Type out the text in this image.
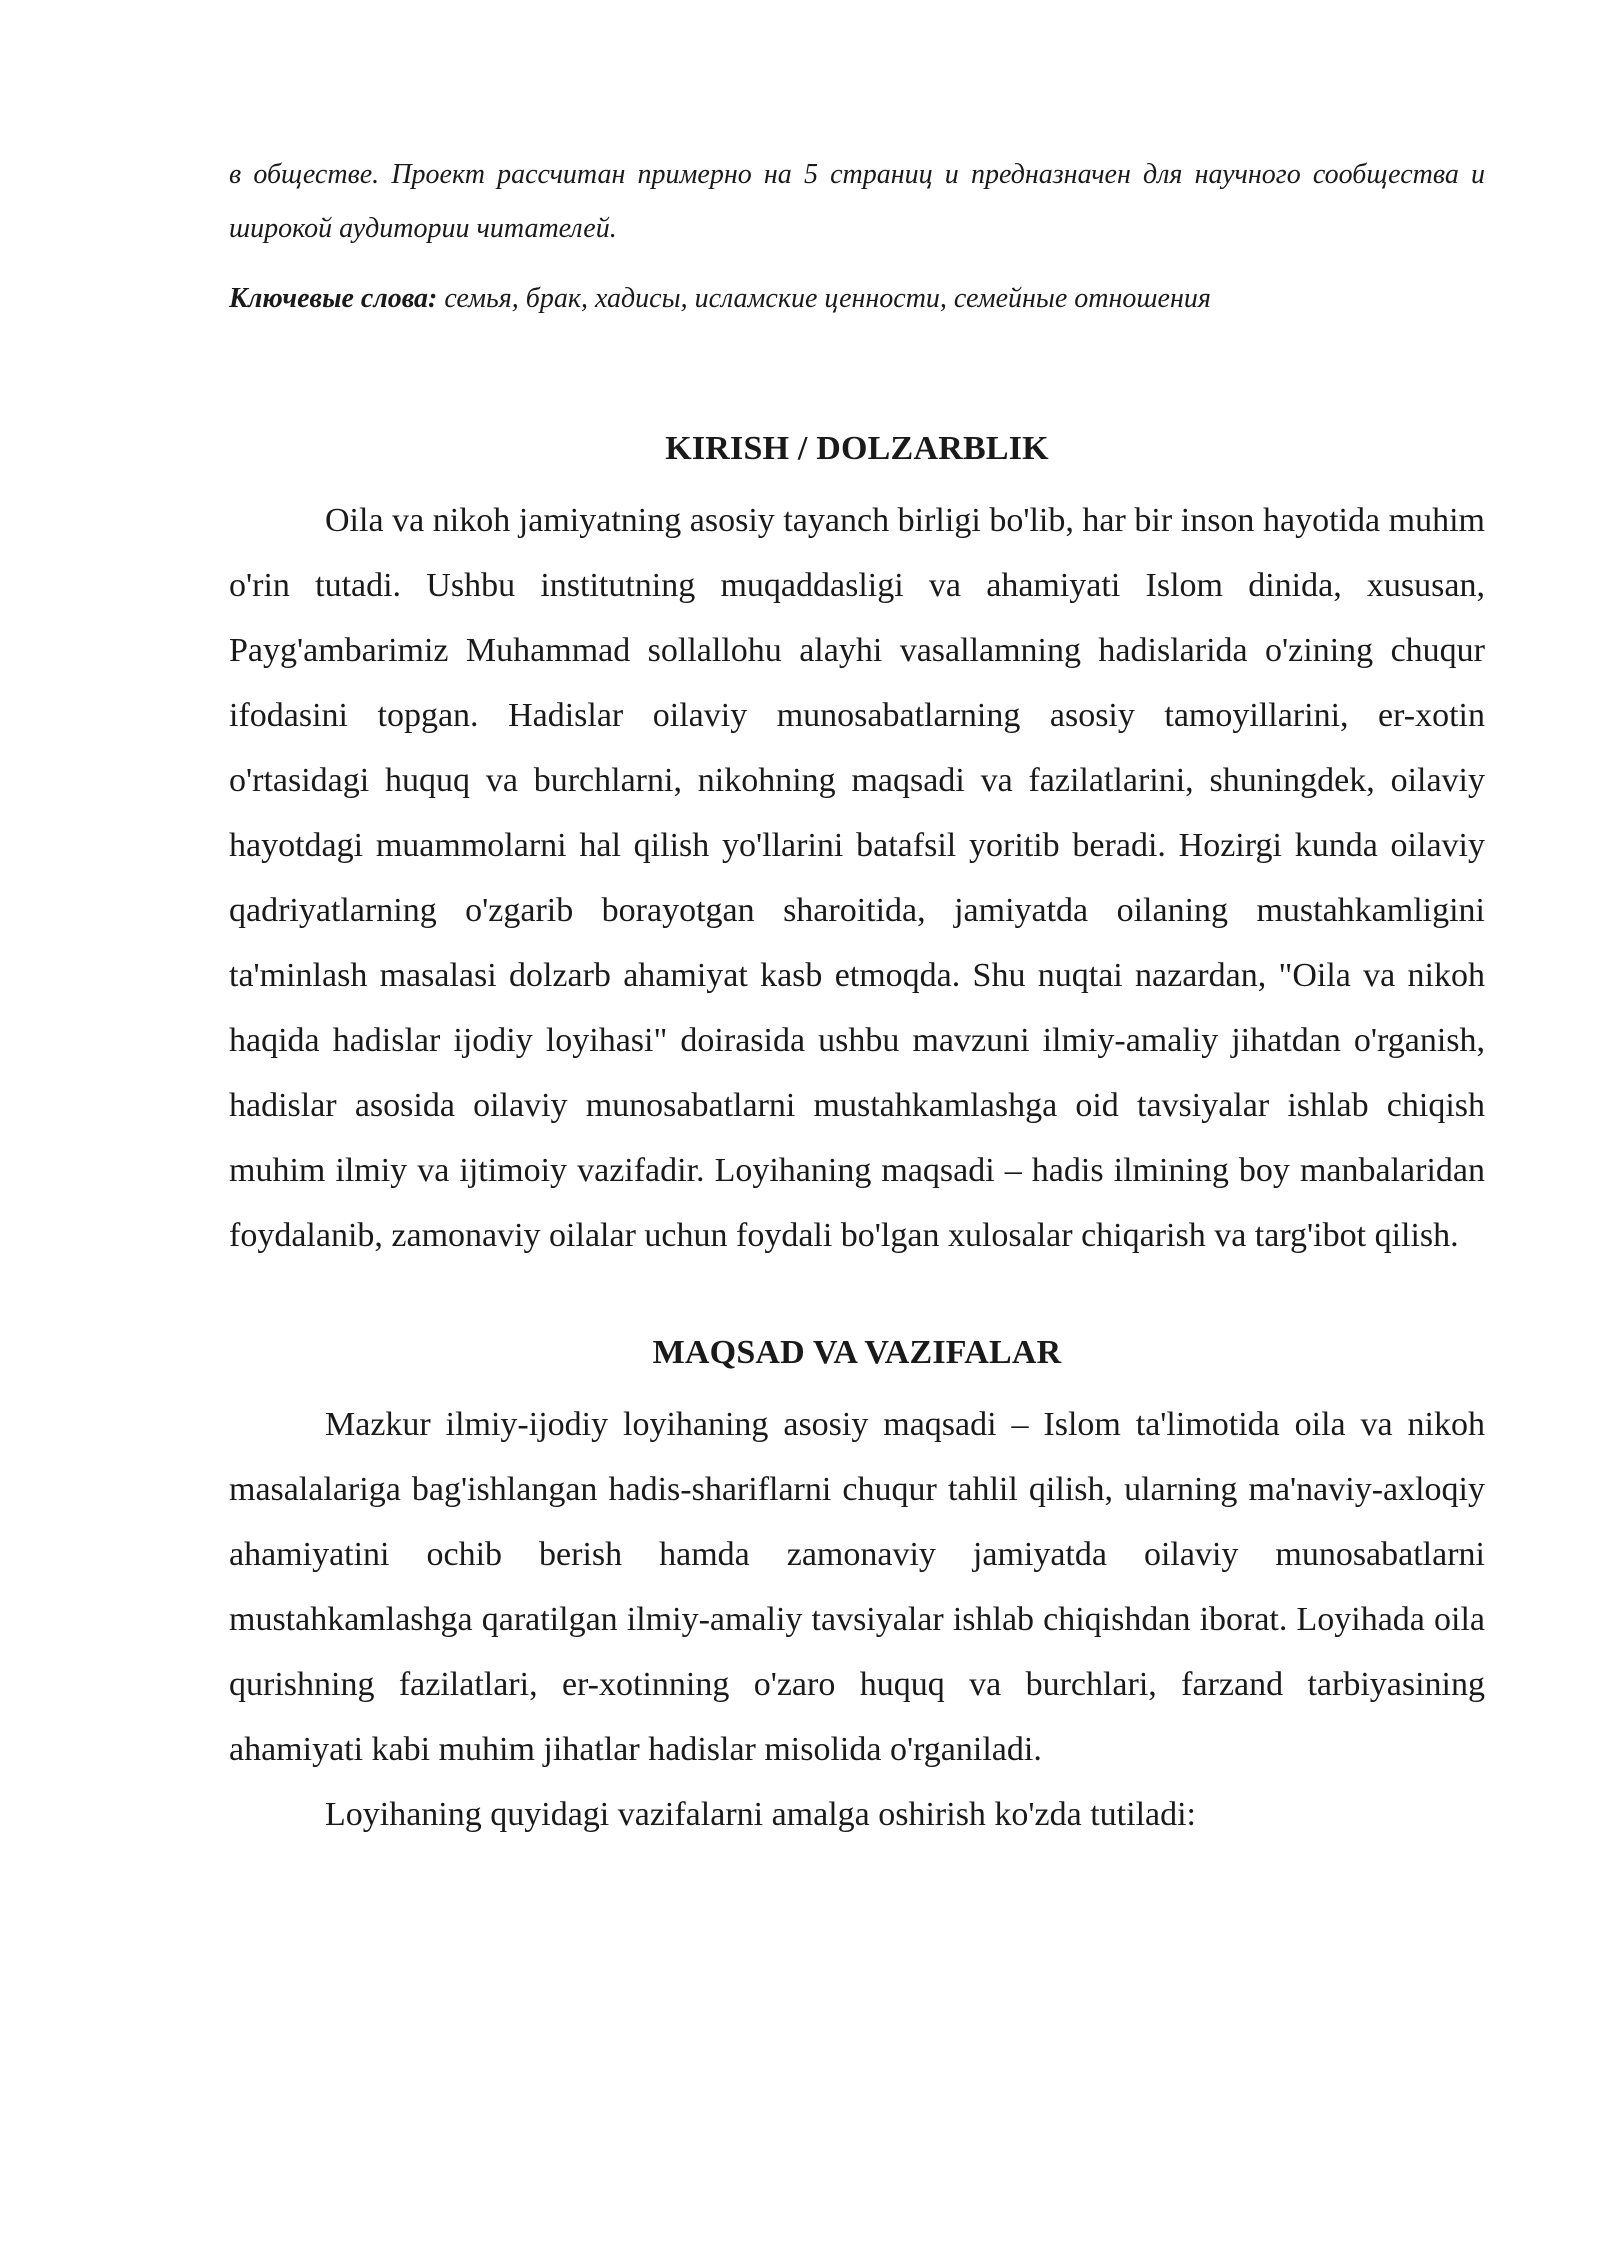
в обществе. Проект рассчитан примерно на 5 страниц и предназначен для научного сообщества и широкой аудитории читателей.

Ключевые слова: семья, брак, хадисы, исламские ценности, семейные отношения

KIRISH / DOLZARBLIK

Oila va nikoh jamiyatning asosiy tayanch birligi bo'lib, har bir inson hayotida muhim o'rin tutadi. Ushbu institutning muqaddasligi va ahamiyati Islom dinida, xususan, Payg'ambarimiz Muhammad sollallohu alayhi vasallamning hadislarida o'zining chuqur ifodasini topgan. Hadislar oilaviy munosabatlarning asosiy tamoyillarini, er-xotin o'rtasidagi huquq va burchlarni, nikohning maqsadi va fazilatlarini, shuningdek, oilaviy hayotdagi muammolarni hal qilish yo'llarini batafsil yoritib beradi. Hozirgi kunda oilaviy qadriyatlarning o'zgarib borayotgan sharoitida, jamiyatda oilaning mustahkamligini ta'minlash masalasi dolzarb ahamiyat kasb etmoqda. Shu nuqtai nazardan, "Oila va nikoh haqida hadislar ijodiy loyihasi" doirasida ushbu mavzuni ilmiy-amaliy jihatdan o'rganish, hadislar asosida oilaviy munosabatlarni mustahkamlashga oid tavsiyalar ishlab chiqish muhim ilmiy va ijtimoiy vazifadir. Loyihaning maqsadi – hadis ilmining boy manbalaridan foydalanib, zamonaviy oilalar uchun foydali bo'lgan xulosalar chiqarish va targ'ibot qilish.

MAQSAD VA VAZIFALAR

Mazkur ilmiy-ijodiy loyihaning asosiy maqsadi – Islom ta'limotida oila va nikoh masalalariga bag'ishlangan hadis-shariflarni chuqur tahlil qilish, ularning ma'naviy-axloqiy ahamiyatini ochib berish hamda zamonaviy jamiyatda oilaviy munosabatlarni mustahkamlashga qaratilgan ilmiy-amaliy tavsiyalar ishlab chiqishdan iborat. Loyihada oila qurishning fazilatlari, er-xotinning o'zaro huquq va burchlari, farzand tarbiyasining ahamiyati kabi muhim jihatlar hadislar misolida o'rganiladi.

Loyihaning quyidagi vazifalarni amalga oshirish ko'zda tutiladi:
